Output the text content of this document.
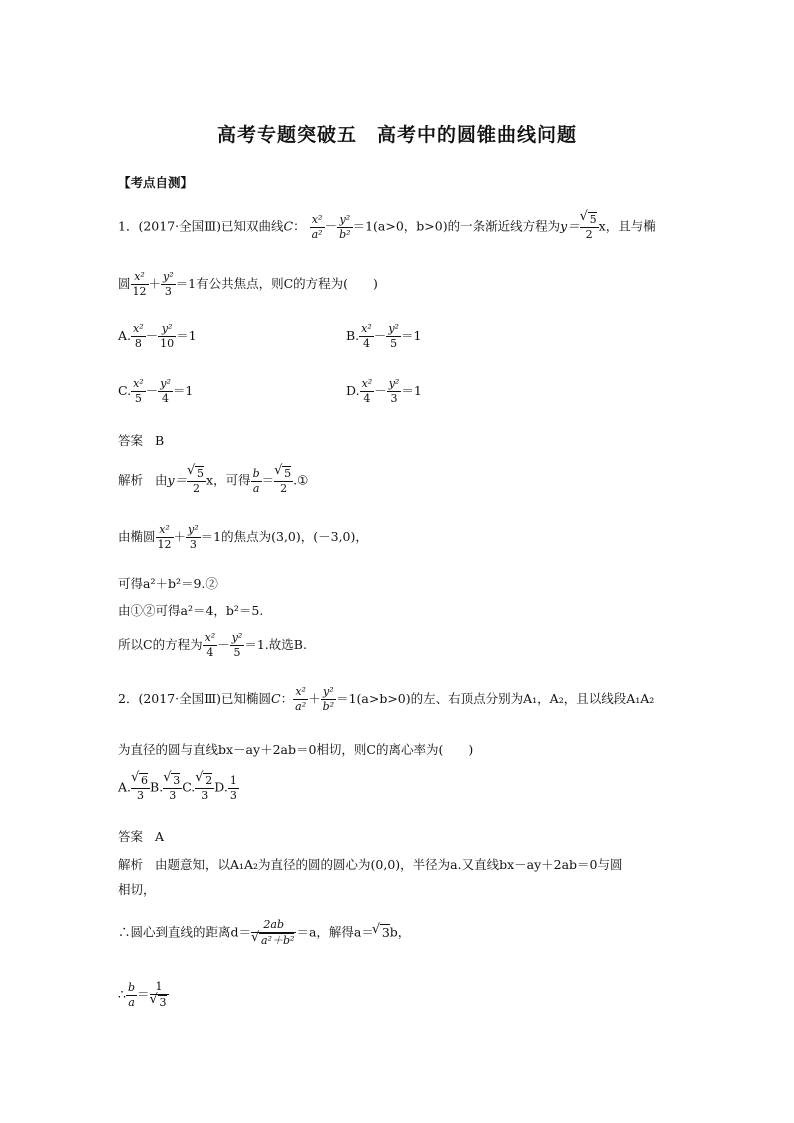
高考专题突破五　高考中的圆锥曲线问题
【考点自测】
1．(2017·全国Ⅲ)已知双曲线C： $\frac{\text{x²}}{\text{a²}} - \frac{\text{y²}}{\text{b²}} =1(a>0$，b>0)的一条渐近线方程为y＝ √ $\frac{5}{2}$ x，且与椭
圆 $\frac{\text{x²}}{12} + \frac{\text{y²}}{3} =1$有公共焦点，则C的方程为(　　)
A. $\frac{\text{x²}}{8} - \frac{\text{y²}}{10} =1$	B. $\frac{\text{x²}}{4} - \frac{\text{y²}}{5} =1$
C. $\frac{\text{x²}}{5} - \frac{\text{y²}}{4} =1$	D. $\frac{\text{x²}}{4} - \frac{\text{y²}}{3} =1$
答案 B
解析 由y＝ √ $\frac{5}{2}$ x，可得 $\frac{b}{a}$ ＝ √ $\frac{5}{2}$ .①
由椭圆 $\frac{\text{x²}}{12} + \frac{\text{y²}}{3} =1$的焦点为(3,0)，(－3,0)，
可得a²＋b²＝9.②
由①②可得a²＝4，b²＝5.
所以C的方程为 $\frac{\text{x²}}{4} - \frac{\text{y²}}{5} =1$.故选B.
2．(2017·全国Ⅲ)已知椭圆C： $\frac{\text{x²}}{\text{a²}} + \frac{\text{y²}}{\text{b²}} =1(a>b>0)$的左、右顶点分别为A₁，A₂，且以线段A₁A₂
为直径的圆与直线bx－ay＋2ab＝0相切，则C的离心率为(　　)
A. √ $\frac{6}{3} B$. √ $\frac{3}{3} C$. √ $\frac{2}{3} D$. $\frac{1}{3}$
答案 A
解析 由题意知，以A₁A₂为直径的圆的圆心为(0,0)，半径为a.又直线bx－ay＋2ab＝0与圆
相切，
∴圆心到直线的距离d＝ 2ab
√ a²＋b² ＝a，解得a＝ √ 3b，
∴ $\frac{b}{a} = 1$
√ 3
